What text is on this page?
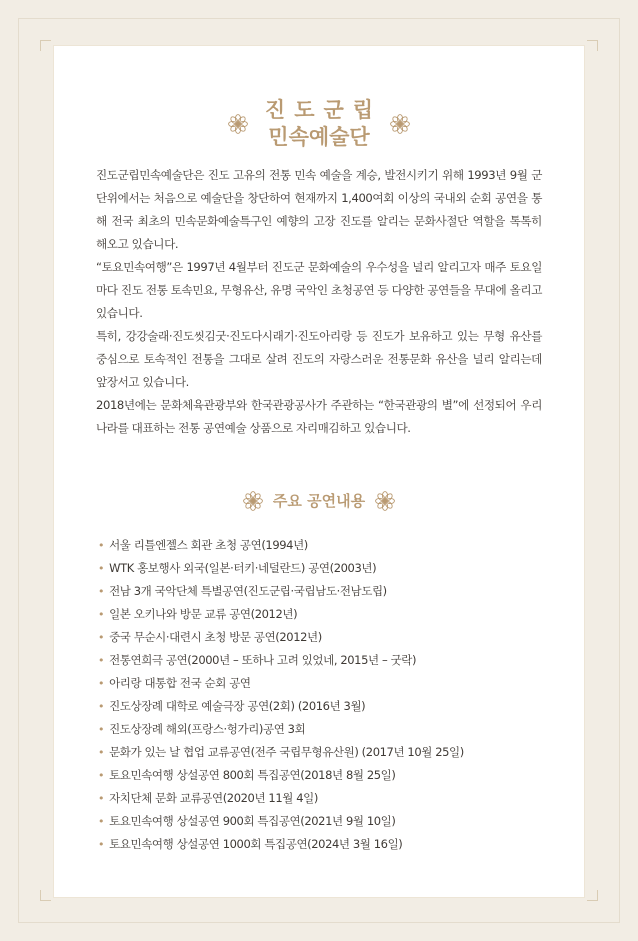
진도군립
민속예술단

진도군립민속예술단은 진도 고유의 전통 민속 예술을 계승, 발전시키기 위해 1993년 9월 군단위에서는 처음으로 예술단을 창단하여 현재까지 1,400여회 이상의 국내외 순회 공연을 통해 전국 최초의 민속문화예술특구인 예향의 고장 진도를 알리는 문화사절단 역할을 톡톡히 해오고 있습니다.

“토요민속여행”은 1997년 4월부터 진도군 문화예술의 우수성을 널리 알리고자 매주 토요일마다 진도 전통 토속민요, 무형유산, 유명 국악인 초청공연 등 다양한 공연들을 무대에 올리고 있습니다.

특히, 강강술래·진도씻김굿·진도다시래기·진도아리랑 등 진도가 보유하고 있는 무형 유산를 중심으로 토속적인 전통을 그대로 살려 진도의 자랑스러운 전통문화 유산을 널리 알리는데 앞장서고 있습니다.

2018년에는 문화체육관광부와 한국관광공사가 주관하는 “한국관광의 별”에 선정되어 우리나라를 대표하는 전통 공연예술 상품으로 자리매김하고 있습니다.

주요 공연내용
• 서울 리틀엔젤스 회관 초청 공연(1994년)
• WTK 홍보행사 외국(일본·터키·네덜란드) 공연(2003년)
• 전남 3개 국악단체 특별공연(진도군립·국립남도·전남도립)
• 일본 오키나와 방문 교류 공연(2012년)
• 중국 무순시·대련시 초청 방문 공연(2012년)
• 전통연희극 공연(2000년 – 또하나 고려 있었네, 2015년 – 굿락)
• 아리랑 대통합 전국 순회 공연
• 진도상장례 대학로 예술극장 공연(2회) (2016년 3월)
• 진도상장례 해외(프랑스·헝가리)공연 3회
• 문화가 있는 날 협업 교류공연(전주 국립무형유산원) (2017년 10월 25일)
• 토요민속여행 상설공연 800회 특집공연(2018년 8월 25일)
• 자치단체 문화 교류공연(2020년 11월 4일)
• 토요민속여행 상설공연 900회 특집공연(2021년 9월 10일)
• 토요민속여행 상설공연 1000회 특집공연(2024년 3월 16일)
